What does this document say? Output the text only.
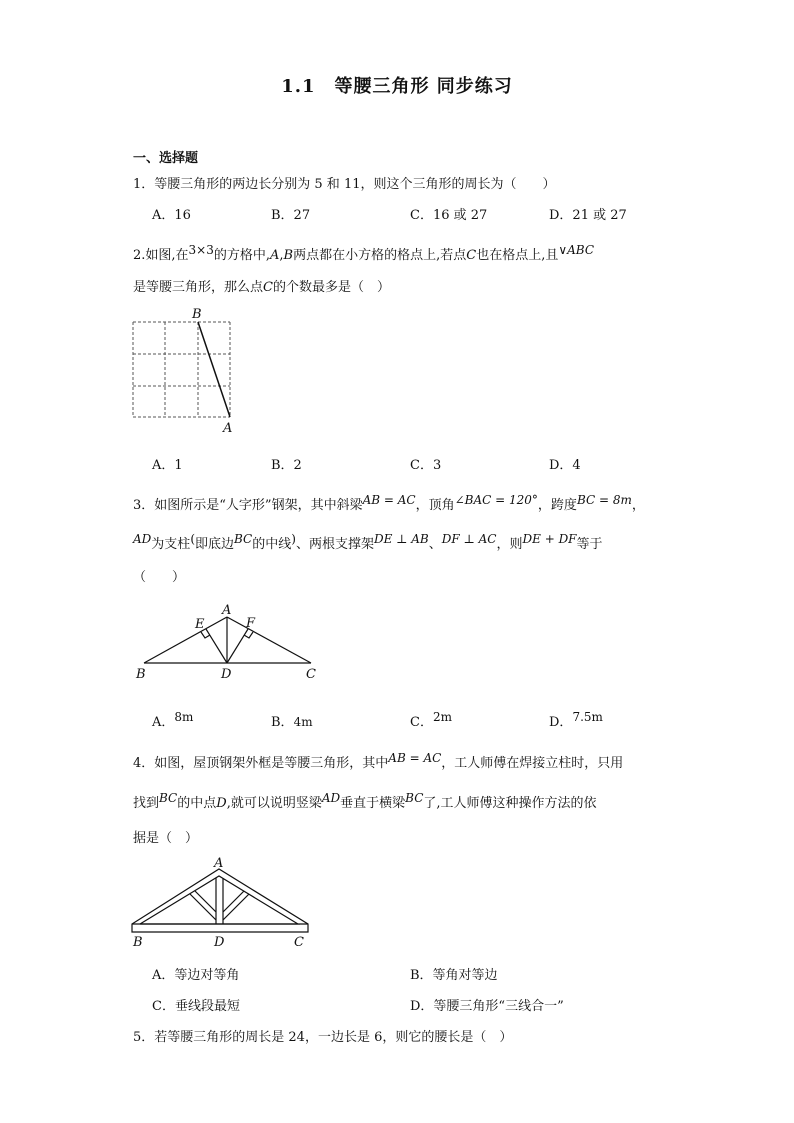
1.1　等腰三角形 同步练习
一、选择题
1．等腰三角形的两边长分别为 5 和 11，则这个三角形的周长为（　　）
A．16	B．27	C．16 或 27	D．21 或 27
2.如图,在3×3的方格中,A,B两点都在小方格的格点上,若点C也在格点上,且∨ABC
是等腰三角形，那么点C的个数最多是（　）
B
A
A．1	B．2	C．3	D．4
3．如图所示是“人字形”钢架，其中斜梁AB = AC，顶角∠BAC = 120°，跨度BC = 8m，
AD为支柱(即底边BC的中线)、两根支撑架DE ⊥ AB、DF ⊥ AC，则DE + DF等于
（　　）
A
E	F
B	D	C
A．8m	B．4m	C．2m	D．7.5m
4．如图，屋顶钢架外框是等腰三角形，其中AB = AC，工人师傅在焊接立柱时，只用
找到BC的中点D,就可以说明竖梁AD垂直于横梁BC了,工人师傅这种操作方法的依
据是（　）
A
B	D	C
A．等边对等角	B．等角对等边
C．垂线段最短	D．等腰三角形“三线合一”
5．若等腰三角形的周长是 24，一边长是 6，则它的腰长是（　）
